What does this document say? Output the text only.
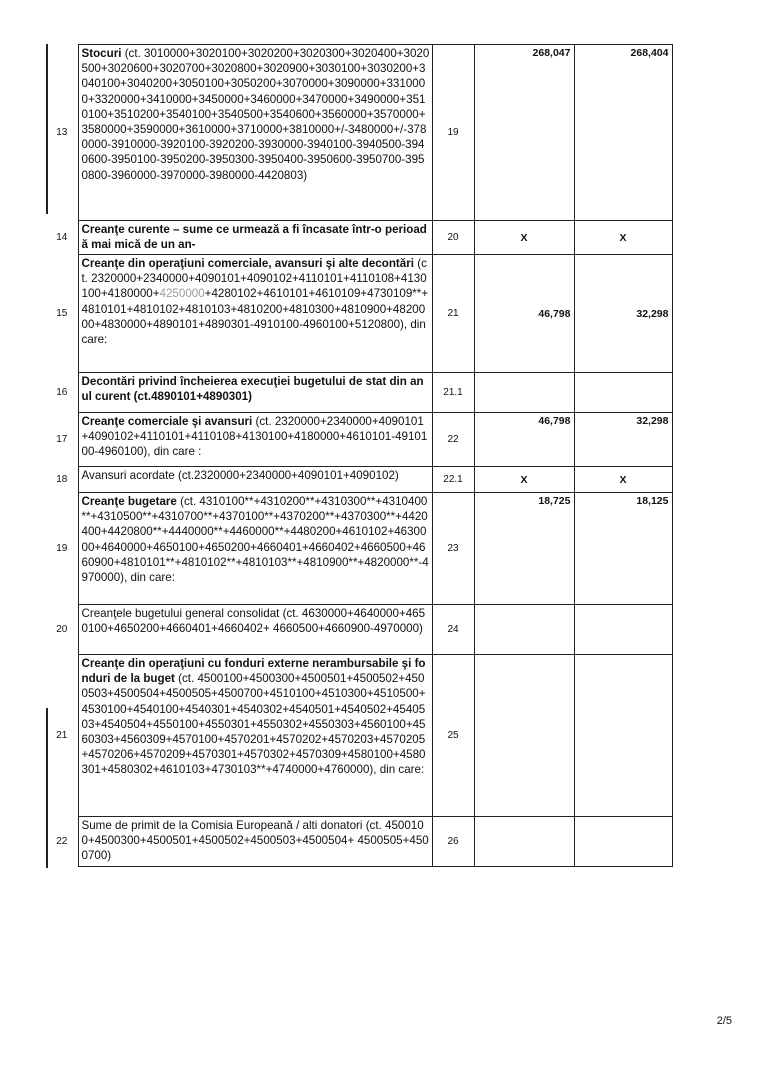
13	Stocuri (ct. 3010000+3020100+3020200+3020300+3020400+3020500+3020600+3020700+3020800+3020900+3030100+3030200+3040100+3040200+3050100+3050200+3070000+3090000+3310000+3320000+3410000+3450000+3460000+3470000+3490000+3510100+3510200+3540100+3540500+3540600+3560000+3570000+3580000+3590000+3610000+3710000+3810000+/-3480000+/-3780000-3910000-3920100-3920200-3930000-3940100-3940500-3940600-3950100-3950200-3950300-3950400-3950600-3950700-3950800-3960000-3970000-3980000-4420803)	19	268,047	268,404
14	Creanţe curente – sume ce urmează a fi încasate într-o perioadă mai mică de un an-	20	X	X
15	Creanţe din operaţiuni comerciale, avansuri şi alte decontări (ct. 2320000+2340000+4090101+4090102+4110101+4110108+4130100+4180000+4250000+4280102+4610101+4610109+4730109**+4810101+4810102+4810103+4810200+4810300+4810900+4820000+4830000+4890101+4890301-4910100-4960100+5120800), din care:	21	46,798	32,298
16	Decontări privind încheierea execuţiei bugetului de stat din anul curent (ct.4890101+4890301)	21.1		
17	Creanţe comerciale şi avansuri (ct. 2320000+2340000+4090101+4090102+4110101+4110108+4130100+4180000+4610101-4910100-4960100), din care :	22	46,798	32,298
18	Avansuri acordate (ct.2320000+2340000+4090101+4090102)	22.1	X	X
19	Creanţe bugetare (ct. 4310100**+4310200**+4310300**+4310400**+4310500**+4310700**+4370100**+4370200**+4370300**+4420400+4420800**+4440000**+4460000**+4480200+4610102+4630000+4640000+4650100+4650200+4660401+4660402+4660500+4660900+4810101**+4810102**+4810103**+4810900**+4820000**-4970000), din care:	23	18,725	18,125
20	Creanţele bugetului general consolidat (ct. 4630000+4640000+4650100+4650200+4660401+4660402+ 4660500+4660900-4970000)	24		
21	Creanţe din operaţiuni cu fonduri externe nerambursabile şi fonduri de la buget (ct. 4500100+4500300+4500501+4500502+4500503+4500504+4500505+4500700+4510100+4510300+4510500+4530100+4540100+4540301+4540302+4540501+4540502+4540503+4540504+4550100+4550301+4550302+4550303+4560100+4560303+4560309+4570100+4570201+4570202+4570203+4570205+4570206+4570209+4570301+4570302+4570309+4580100+4580301+4580302+4610103+4730103**+4740000+4760000), din care:	25		
22	Sume de primit de la Comisia Europeană / alti donatori (ct. 4500100+4500300+4500501+4500502+4500503+4500504+ 4500505+4500700)	26		
2/5
